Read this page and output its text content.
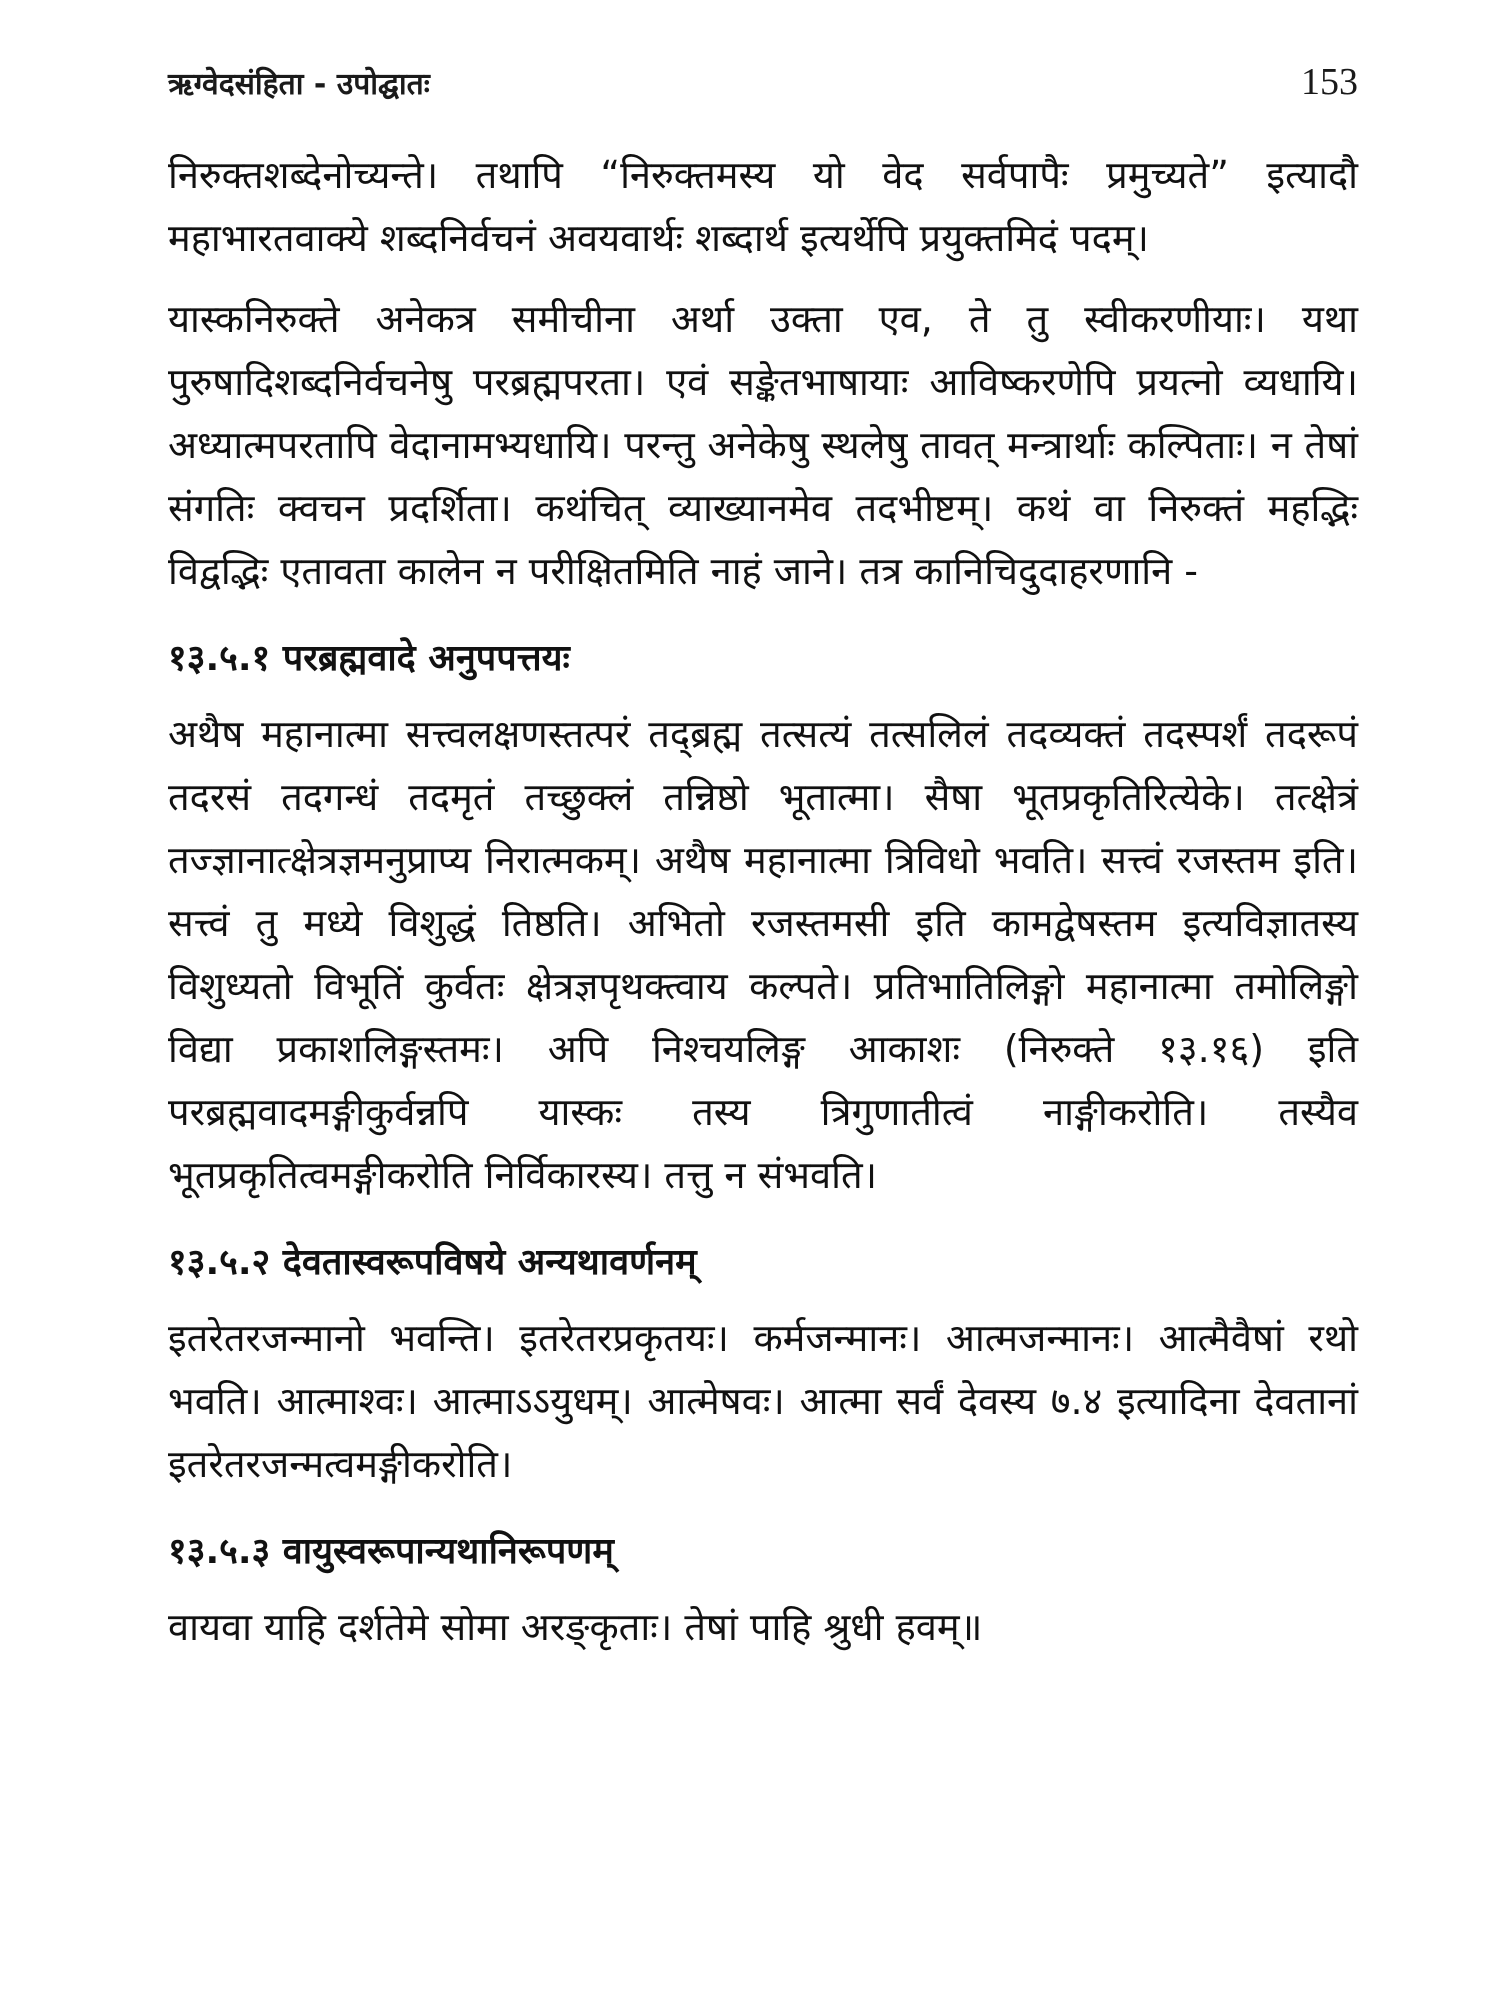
ऋग्वेदसंहिता - उपोद्घातः	153

निरुक्तशब्देनोच्यन्ते। तथापि “निरुक्तमस्य यो वेद सर्वपापैः प्रमुच्यते” इत्यादौ महाभारतवाक्ये शब्दनिर्वचनं अवयवार्थः शब्दार्थ इत्यर्थेपि प्रयुक्तमिदं पदम्।

यास्कनिरुक्ते अनेकत्र समीचीना अर्था उक्ता एव, ते तु स्वीकरणीयाः। यथा पुरुषादिशब्दनिर्वचनेषु परब्रह्मपरता। एवं सङ्केतभाषायाः आविष्करणेपि प्रयत्नो व्यधायि। अध्यात्मपरतापि वेदानामभ्यधायि। परन्तु अनेकेषु स्थलेषु तावत् मन्त्रार्थाः कल्पिताः। न तेषां संगतिः क्वचन प्रदर्शिता। कथंचित् व्याख्यानमेव तदभीष्टम्। कथं वा निरुक्तं महद्भिः विद्वद्भिः एतावता कालेन न परीक्षितमिति नाहं जाने। तत्र कानिचिदुदाहरणानि -

१३.५.१ परब्रह्मवादे अनुपपत्तयः

अथैष महानात्मा सत्त्वलक्षणस्तत्परं तद्ब्रह्म तत्सत्यं तत्सलिलं तदव्यक्तं तदस्पर्शं तदरूपं तदरसं तदगन्धं तदमृतं तच्छुक्लं तन्निष्ठो भूतात्मा। सैषा भूतप्रकृतिरित्येके। तत्क्षेत्रं तज्ज्ञानात्क्षेत्रज्ञमनुप्राप्य निरात्मकम्। अथैष महानात्मा त्रिविधो भवति। सत्त्वं रजस्तम इति। सत्त्वं तु मध्ये विशुद्धं तिष्ठति। अभितो रजस्तमसी इति कामद्वेषस्तम इत्यविज्ञातस्य विशुध्यतो विभूतिं कुर्वतः क्षेत्रज्ञपृथक्त्वाय कल्पते। प्रतिभातिलिङ्गो महानात्मा तमोलिङ्गो विद्या प्रकाशलिङ्गस्तमः। अपि निश्चयलिङ्ग आकाशः (निरुक्ते १३.१६) इति परब्रह्मवादमङ्गीकुर्वन्नपि यास्कः तस्य त्रिगुणातीत्वं नाङ्गीकरोति। तस्यैव भूतप्रकृतित्वमङ्गीकरोति निर्विकारस्य। तत्तु न संभवति।

१३.५.२ देवतास्वरूपविषये अन्यथावर्णनम्

इतरेतरजन्मानो भवन्ति। इतरेतरप्रकृतयः। कर्मजन्मानः। आत्मजन्मानः। आत्मैवैषां रथो भवति। आत्माश्वः। आत्माऽऽयुधम्। आत्मेषवः। आत्मा सर्वं देवस्य ७.४ इत्यादिना देवतानां इतरेतरजन्मत्वमङ्गीकरोति।

१३.५.३ वायुस्वरूपान्यथानिरूपणम्

वायवा याहि दर्शतेमे सोमा अरङ्कृताः। तेषां पाहि श्रुधी हवम्॥
